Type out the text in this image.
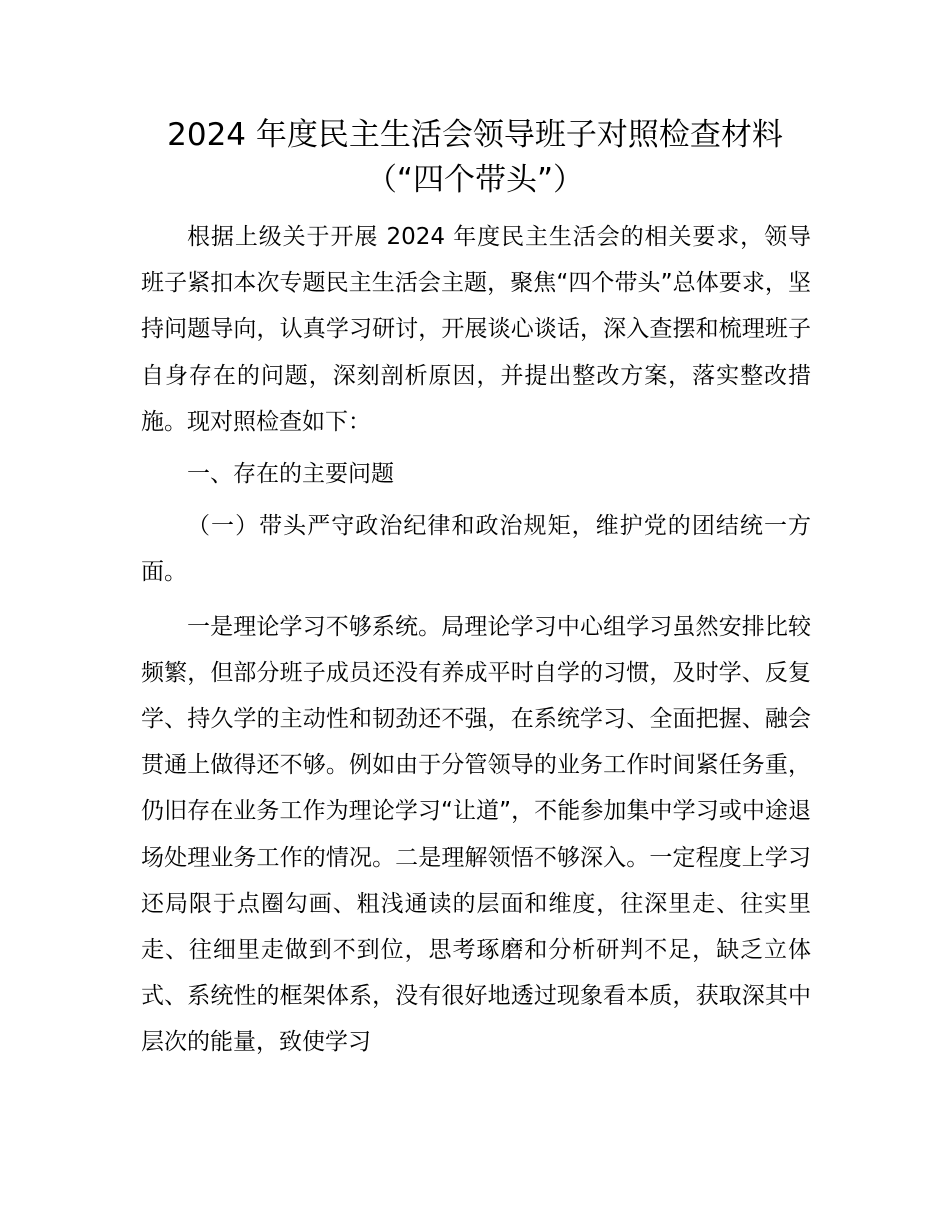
2024 年度民主生活会领导班子对照检查材料
（“四个带头”）

根据上级关于开展 2024 年度民主生活会的相关要求，领导班子紧扣本次专题民主生活会主题，聚焦“四个带头”总体要求，坚持问题导向，认真学习研讨，开展谈心谈话，深入查摆和梳理班子自身存在的问题，深刻剖析原因，并提出整改方案，落实整改措施。现对照检查如下：

一、存在的主要问题

（一）带头严守政治纪律和政治规矩，维护党的团结统一方面。

一是理论学习不够系统。局理论学习中心组学习虽然安排比较频繁，但部分班子成员还没有养成平时自学的习惯，及时学、反复学、持久学的主动性和韧劲还不强，在系统学习、全面把握、融会贯通上做得还不够。例如由于分管领导的业务工作时间紧任务重，仍旧存在业务工作为理论学习“让道”，不能参加集中学习或中途退场处理业务工作的情况。二是理解领悟不够深入。一定程度上学习还局限于点圈勾画、粗浅通读的层面和维度，往深里走、往实里走、往细里走做到不到位，思考琢磨和分析研判不足，缺乏立体式、系统性的框架体系，没有很好地透过现象看本质，获取深其中层次的能量，致使学习
